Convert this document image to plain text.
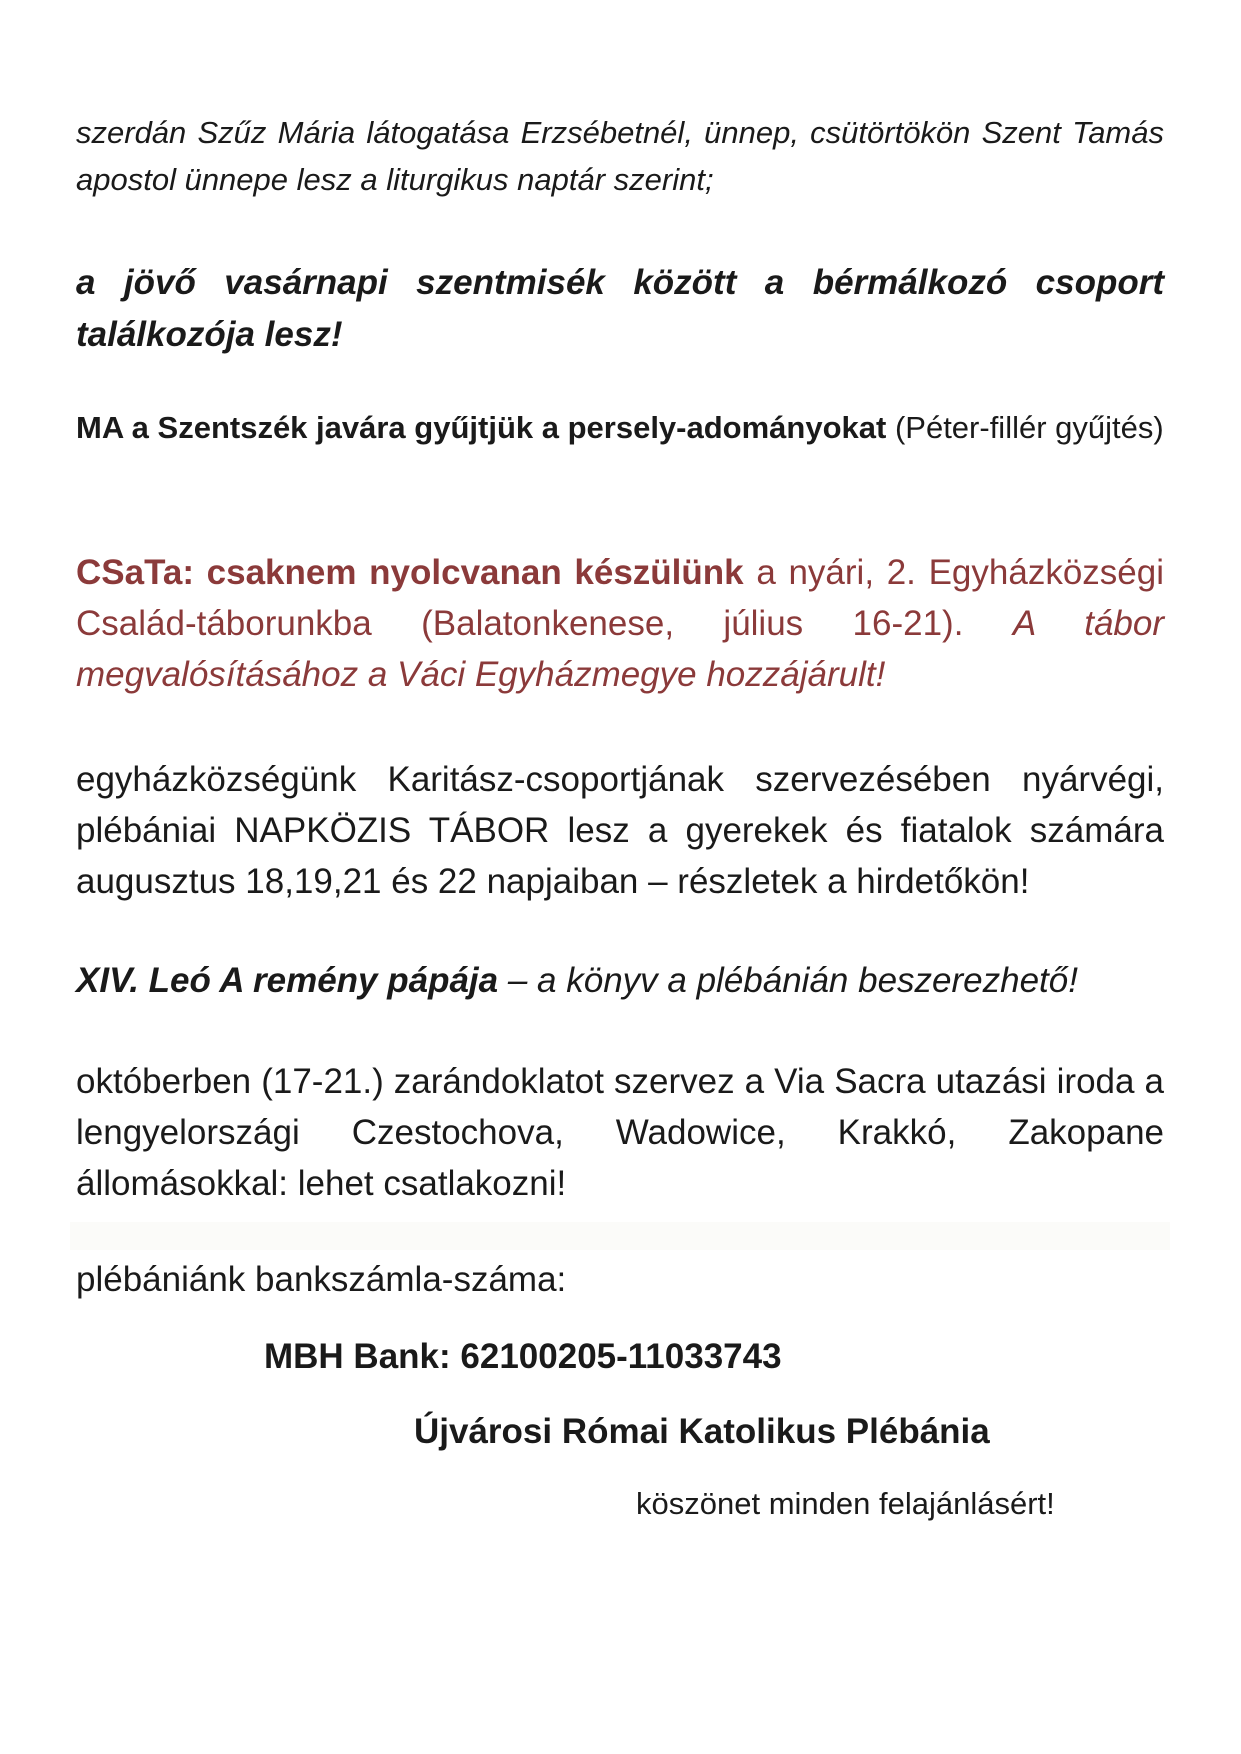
szerdán Szűz Mária látogatása Erzsébetnél, ünnep, csütörtökön Szent Tamás apostol ünnepe lesz a liturgikus naptár szerint;

a jövő vasárnapi szentmisék között a bérmálkozó csoport találkozója lesz!

MA a Szentszék javára gyűjtjük a persely-adományokat (Péter-fillér gyűjtés)

CSaTa: csaknem nyolcvanan készülünk a nyári, 2. Egyházközségi Család-táborunkba (Balatonkenese, július 16-21). A tábor megvalósításához a Váci Egyházmegye hozzájárult!

egyházközségünk Karitász-csoportjának szervezésében nyárvégi, plébániai NAPKÖZIS TÁBOR lesz a gyerekek és fiatalok számára augusztus 18,19,21 és 22 napjaiban – részletek a hirdetőkön!

XIV. Leó A remény pápája – a könyv a plébánián beszerezhető!

októberben (17-21.) zarándoklatot szervez a Via Sacra utazási iroda a lengyelországi Czestochova, Wadowice, Krakkó, Zakopane állomásokkal: lehet csatlakozni!

plébániánk bankszámla-száma:
MBH Bank: 62100205-11033743
Újvárosi Római Katolikus Plébánia
köszönet minden felajánlásért!
